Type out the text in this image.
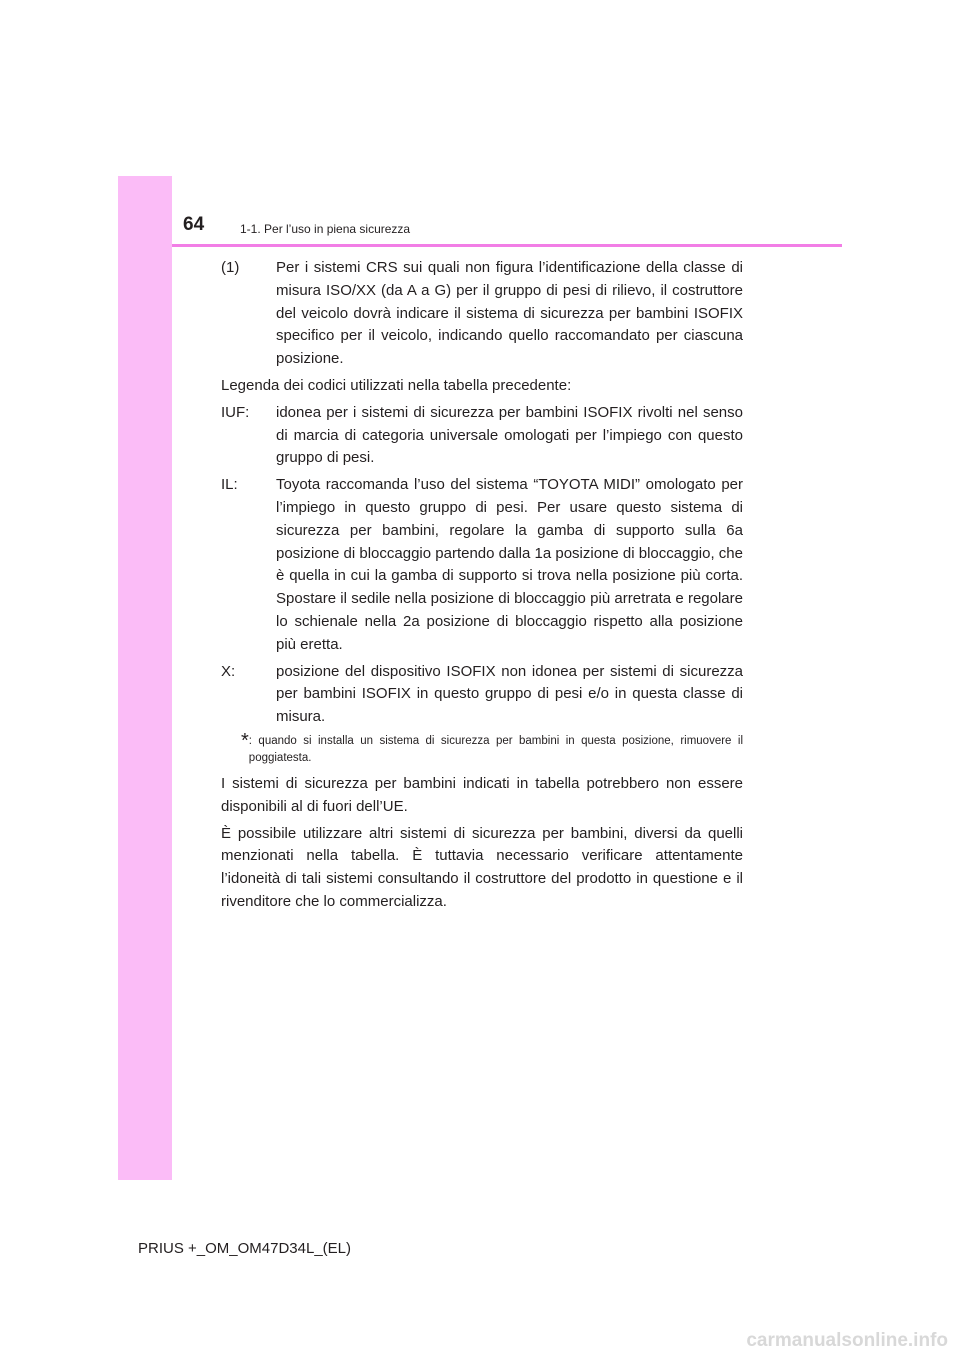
64	1-1. Per l’uso in piena sicurezza
(1)	Per i sistemi CRS sui quali non figura l’identificazione della classe di misura ISO/XX (da A a G) per il gruppo di pesi di rilievo, il costruttore del veicolo dovrà indicare il sistema di sicurezza per bambini ISOFIX specifico per il veicolo, indicando quello raccomandato per ciascuna posizione.

Legenda dei codici utilizzati nella tabella precedente:

IUF:	idonea per i sistemi di sicurezza per bambini ISOFIX rivolti nel senso di marcia di categoria universale omologati per l’impiego con questo gruppo di pesi.
IL:	Toyota raccomanda l’uso del sistema “TOYOTA MIDI” omologato per l’impiego in questo gruppo di pesi. Per usare questo sistema di sicurezza per bambini, regolare la gamba di supporto sulla 6a posizione di bloccaggio partendo dalla 1a posizione di bloccaggio, che è quella in cui la gamba di supporto si trova nella posizione più corta. Spostare il sedile nella posizione di bloccaggio più arretrata e regolare lo schienale nella 2a posizione di bloccaggio rispetto alla posizione più eretta.
X:	posizione del dispositivo ISOFIX non idonea per sistemi di sicurezza per bambini ISOFIX in questo gruppo di pesi e/o in questa classe di misura.
* : quando si installa un sistema di sicurezza per bambini in questa posizione, rimuovere il poggiatesta.

I sistemi di sicurezza per bambini indicati in tabella potrebbero non essere disponibili al di fuori dell’UE.

È possibile utilizzare altri sistemi di sicurezza per bambini, diversi da quelli menzionati nella tabella. È tuttavia necessario verificare attentamente l’idoneità di tali sistemi consultando il costruttore del prodotto in questione e il rivenditore che lo commercializza.

PRIUS +_OM_OM47D34L_(EL)
carmanualsonline.info
